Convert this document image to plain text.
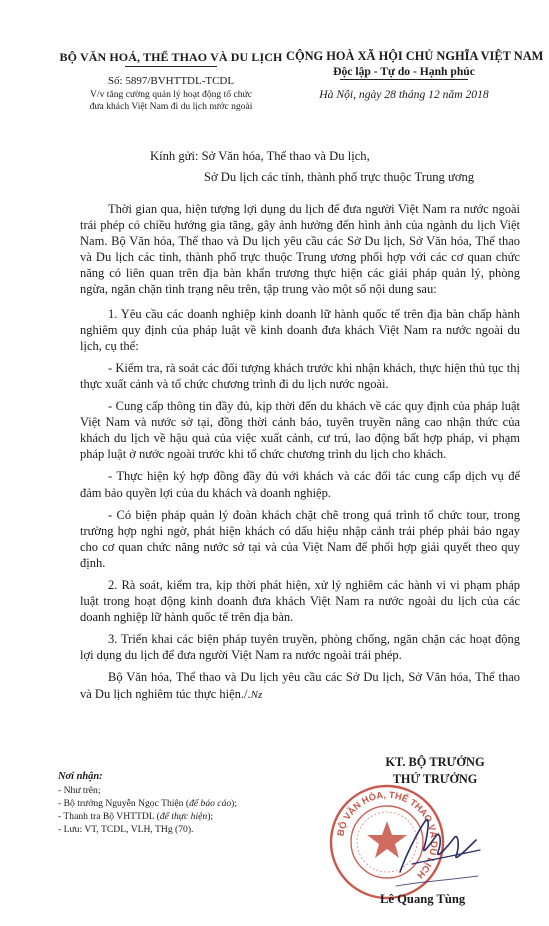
BỘ VĂN HOÁ, THỂ THAO VÀ DU LỊCH
Số: 5897/BVHTTDL-TCDL
V/v tăng cường quản lý hoạt động tổ chức
đưa khách Việt Nam đi du lịch nước ngoài
CỘNG HOÀ XÃ HỘI CHỦ NGHĨA VIỆT NAM
Độc lập - Tự do - Hạnh phúc
Hà Nội, ngày 28 tháng 12 năm 2018
Kính gửi: Sở Văn hóa, Thể thao và Du lịch,
Sở Du lịch các tỉnh, thành phố trực thuộc Trung ương

Thời gian qua, hiện tượng lợi dụng du lịch để đưa người Việt Nam ra nước ngoài trái phép có chiều hướng gia tăng, gây ảnh hưởng đến hình ảnh của ngành du lịch Việt Nam. Bộ Văn hóa, Thể thao và Du lịch yêu cầu các Sở Du lịch, Sở Văn hóa, Thể thao và Du lịch các tỉnh, thành phố trực thuộc Trung ương phối hợp với các cơ quan chức năng có liên quan trên địa bàn khẩn trương thực hiện các giải pháp quản lý, phòng ngừa, ngăn chặn tình trạng nêu trên, tập trung vào một số nội dung sau:

1. Yêu cầu các doanh nghiệp kinh doanh lữ hành quốc tế trên địa bàn chấp hành nghiêm quy định của pháp luật về kinh doanh đưa khách Việt Nam ra nước ngoài du lịch, cụ thể:

- Kiểm tra, rà soát các đối tượng khách trước khi nhận khách, thực hiện thủ tục thị thực xuất cảnh và tổ chức chương trình đi du lịch nước ngoài.

- Cung cấp thông tin đầy đủ, kịp thời đến du khách về các quy định của pháp luật Việt Nam và nước sở tại, đồng thời cảnh báo, tuyên truyền nâng cao nhận thức của khách du lịch về hậu quả của việc xuất cảnh, cư trú, lao động bất hợp pháp, vi phạm pháp luật ở nước ngoài trước khi tổ chức chương trình du lịch cho khách.

- Thực hiện ký hợp đồng đầy đủ với khách và các đối tác cung cấp dịch vụ để đảm bảo quyền lợi của du khách và doanh nghiệp.

- Có biện pháp quản lý đoàn khách chặt chẽ trong quá trình tổ chức tour, trong trường hợp nghi ngờ, phát hiện khách có dấu hiệu nhập cảnh trái phép phải báo ngay cho cơ quan chức năng nước sở tại và của Việt Nam để phối hợp giải quyết theo quy định.

2. Rà soát, kiểm tra, kịp thời phát hiện, xử lý nghiêm các hành vi vi phạm pháp luật trong hoạt động kinh doanh đưa khách Việt Nam ra nước ngoài du lịch của các doanh nghiệp lữ hành quốc tế trên địa bàn.

3. Triển khai các biện pháp tuyên truyền, phòng chống, ngăn chặn các hoạt động lợi dụng du lịch để đưa người Việt Nam ra nước ngoài trái phép.

Bộ Văn hóa, Thể thao và Du lịch yêu cầu các Sở Du lịch, Sở Văn hóa, Thể thao và Du lịch nghiêm túc thực hiện./.Nz

Nơi nhận:
- Như trên;
- Bộ trưởng Nguyễn Ngọc Thiện (để báo cáo);
- Thanh tra Bộ VHTTDL (để thực hiện);
- Lưu: VT, TCDL, VLH, THg (70).
KT. BỘ TRƯỞNG
BỘ VĂN HÓA, THỂ THAO VÀ DU LỊCH
THỨ TRƯỞNG
Lê Quang Tùng
